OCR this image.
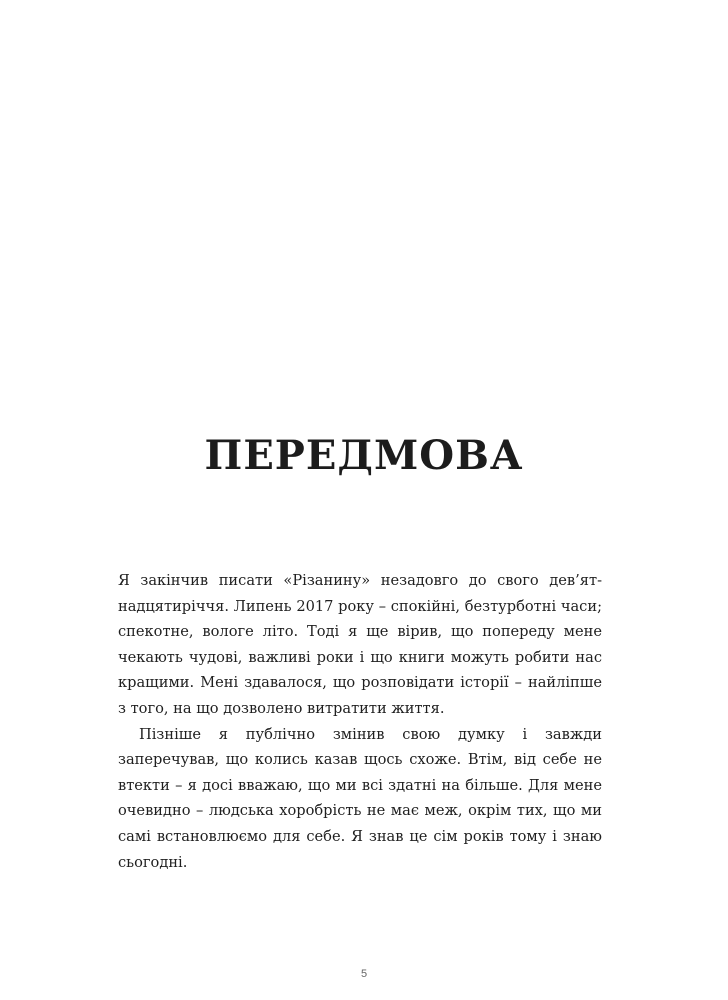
ПЕРЕДМОВА

Я закінчив писати «Різанину» незадовго до свого дев’ятнадцятиріччя. Липень 2017 року – спокійні, безтурботні часи; спекотне, вологе літо. Тоді я ще вірив, що попереду мене чекають чудові, важливі роки і що книги можуть робити нас кращими. Мені здавалося, що розповідати історії – найліпше з того, на що дозволено витратити життя.

Пізніше я публічно змінив свою думку і завжди заперечував, що колись казав щось схоже. Втім, від себе не втекти – я досі вважаю, що ми всі здатні на більше. Для мене очевидно – людська хоробрість не має меж, окрім тих, що ми самі встановлюємо для себе. Я знав це сім років тому і знаю сьогодні.

5
